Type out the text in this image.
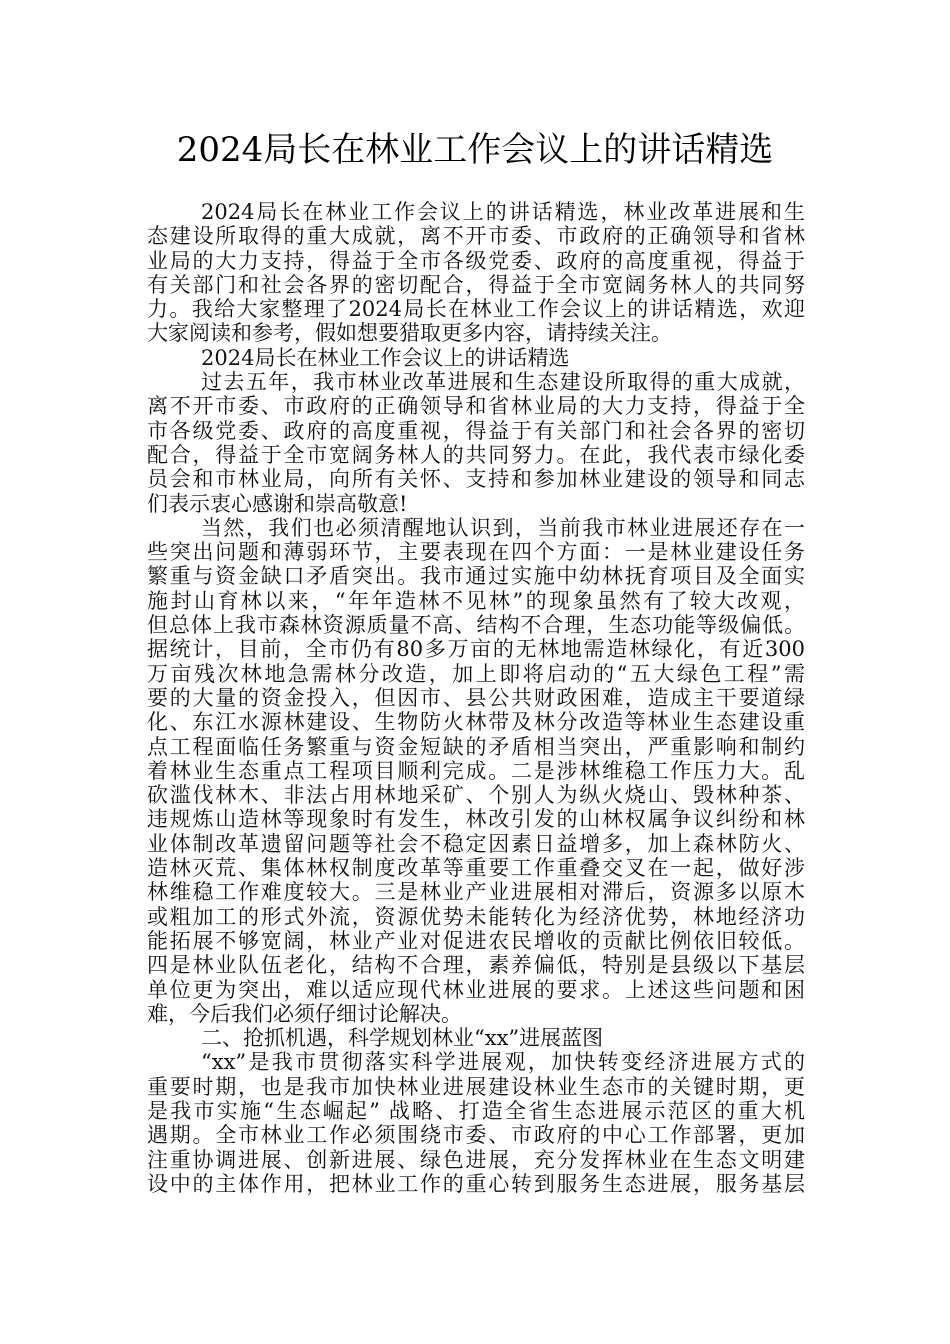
2024局长在林业工作会议上的讲话精选
2024局长在林业工作会议上的讲话精选，林业改革进展和生
态建设所取得的重大成就，离不开市委、市政府的正确领导和省林
业局的大力支持，得益于全市各级党委、政府的高度重视，得益于
有关部门和社会各界的密切配合，得益于全市宽阔务林人的共同努
力。我给大家整理了2024局长在林业工作会议上的讲话精选，欢迎
大家阅读和参考，假如想要猎取更多内容，请持续关注。
2024局长在林业工作会议上的讲话精选
过去五年，我市林业改革进展和生态建设所取得的重大成就，
离不开市委、市政府的正确领导和省林业局的大力支持，得益于全
市各级党委、政府的高度重视，得益于有关部门和社会各界的密切
配合，得益于全市宽阔务林人的共同努力。在此，我代表市绿化委
员会和市林业局，向所有关怀、支持和参加林业建设的领导和同志
们表示衷心感谢和崇高敬意!
当然，我们也必须清醒地认识到，当前我市林业进展还存在一
些突出问题和薄弱环节，主要表现在四个方面：一是林业建设任务
繁重与资金缺口矛盾突出。我市通过实施中幼林抚育项目及全面实
施封山育林以来，“年年造林不见林”的现象虽然有了较大改观，
但总体上我市森林资源质量不高、结构不合理，生态功能等级偏低。
据统计，目前，全市仍有80多万亩的无林地需造林绿化，有近300
万亩残次林地急需林分改造，加上即将启动的“五大绿色工程”需
要的大量的资金投入，但因市、县公共财政困难，造成主干要道绿
化、东江水源林建设、生物防火林带及林分改造等林业生态建设重
点工程面临任务繁重与资金短缺的矛盾相当突出，严重影响和制约
着林业生态重点工程项目顺利完成。二是涉林维稳工作压力大。乱
砍滥伐林木、非法占用林地采矿、个别人为纵火烧山、毁林种茶、
违规炼山造林等现象时有发生，林改引发的山林权属争议纠纷和林
业体制改革遗留问题等社会不稳定因素日益增多，加上森林防火、
造林灭荒、集体林权制度改革等重要工作重叠交叉在一起，做好涉
林维稳工作难度较大。三是林业产业进展相对滞后，资源多以原木
或粗加工的形式外流，资源优势未能转化为经济优势，林地经济功
能拓展不够宽阔，林业产业对促进农民增收的贡献比例依旧较低。
四是林业队伍老化，结构不合理，素养偏低，特别是县级以下基层
单位更为突出，难以适应现代林业进展的要求。上述这些问题和困
难，今后我们必须仔细讨论解决。
二、抢抓机遇，科学规划林业“xx”进展蓝图
“xx”是我市贯彻落实科学进展观，加快转变经济进展方式的
重要时期，也是我市加快林业进展建设林业生态市的关键时期，更
是我市实施“生态崛起” 战略、打造全省生态进展示范区的重大机
遇期。全市林业工作必须围绕市委、市政府的中心工作部署，更加
注重协调进展、创新进展、绿色进展，充分发挥林业在生态文明建
设中的主体作用，把林业工作的重心转到服务生态进展，服务基层
